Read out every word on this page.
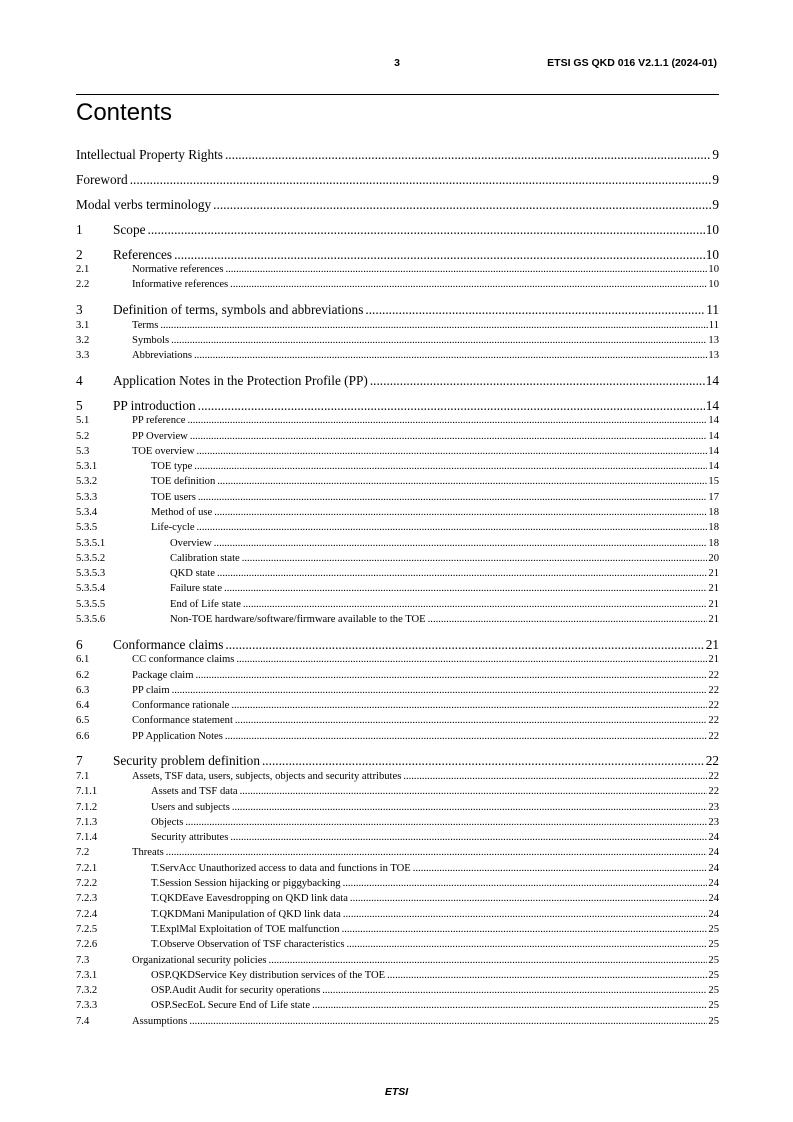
3	ETSI GS QKD 016 V2.1.1 (2024-01)
Contents
Intellectual Property Rights .....	9
Foreword .....	9
Modal verbs terminology .....	9
1	Scope .....	10
2	References .....	10
2.1	Normative references .....	10
2.2	Informative references .....	10
3	Definition of terms, symbols and abbreviations .....	11
3.1	Terms .....	11
3.2	Symbols .....	13
3.3	Abbreviations .....	13
4	Application Notes in the Protection Profile (PP) .....	14
5	PP introduction .....	14
5.1	PP reference .....	14
5.2	PP Overview .....	14
5.3	TOE overview .....	14
5.3.1	TOE type .....	14
5.3.2	TOE definition .....	15
5.3.3	TOE users .....	17
5.3.4	Method of use .....	18
5.3.5	Life-cycle .....	18
5.3.5.1	Overview .....	18
5.3.5.2	Calibration state .....	20
5.3.5.3	QKD state .....	21
5.3.5.4	Failure state .....	21
5.3.5.5	End of Life state .....	21
5.3.5.6	Non-TOE hardware/software/firmware available to the TOE .....	21
6	Conformance claims .....	21
6.1	CC conformance claims .....	21
6.2	Package claim .....	22
6.3	PP claim .....	22
6.4	Conformance rationale .....	22
6.5	Conformance statement .....	22
6.6	PP Application Notes .....	22
7	Security problem definition .....	22
7.1	Assets, TSF data, users, subjects, objects and security attributes .....	22
7.1.1	Assets and TSF data .....	22
7.1.2	Users and subjects .....	23
7.1.3	Objects .....	23
7.1.4	Security attributes .....	24
7.2	Threats .....	24
7.2.1	T.ServAcc Unauthorized access to data and functions in TOE .....	24
7.2.2	T.Session Session hijacking or piggybacking .....	24
7.2.3	T.QKDEave Eavesdropping on QKD link data .....	24
7.2.4	T.QKDMani Manipulation of QKD link data .....	24
7.2.5	T.ExplMal Exploitation of TOE malfunction .....	25
7.2.6	T.Observe Observation of TSF characteristics .....	25
7.3	Organizational security policies .....	25
7.3.1	OSP.QKDService Key distribution services of the TOE .....	25
7.3.2	OSP.Audit Audit for security operations .....	25
7.3.3	OSP.SecEoL Secure End of Life state .....	25
7.4	Assumptions .....	25
ETSI
